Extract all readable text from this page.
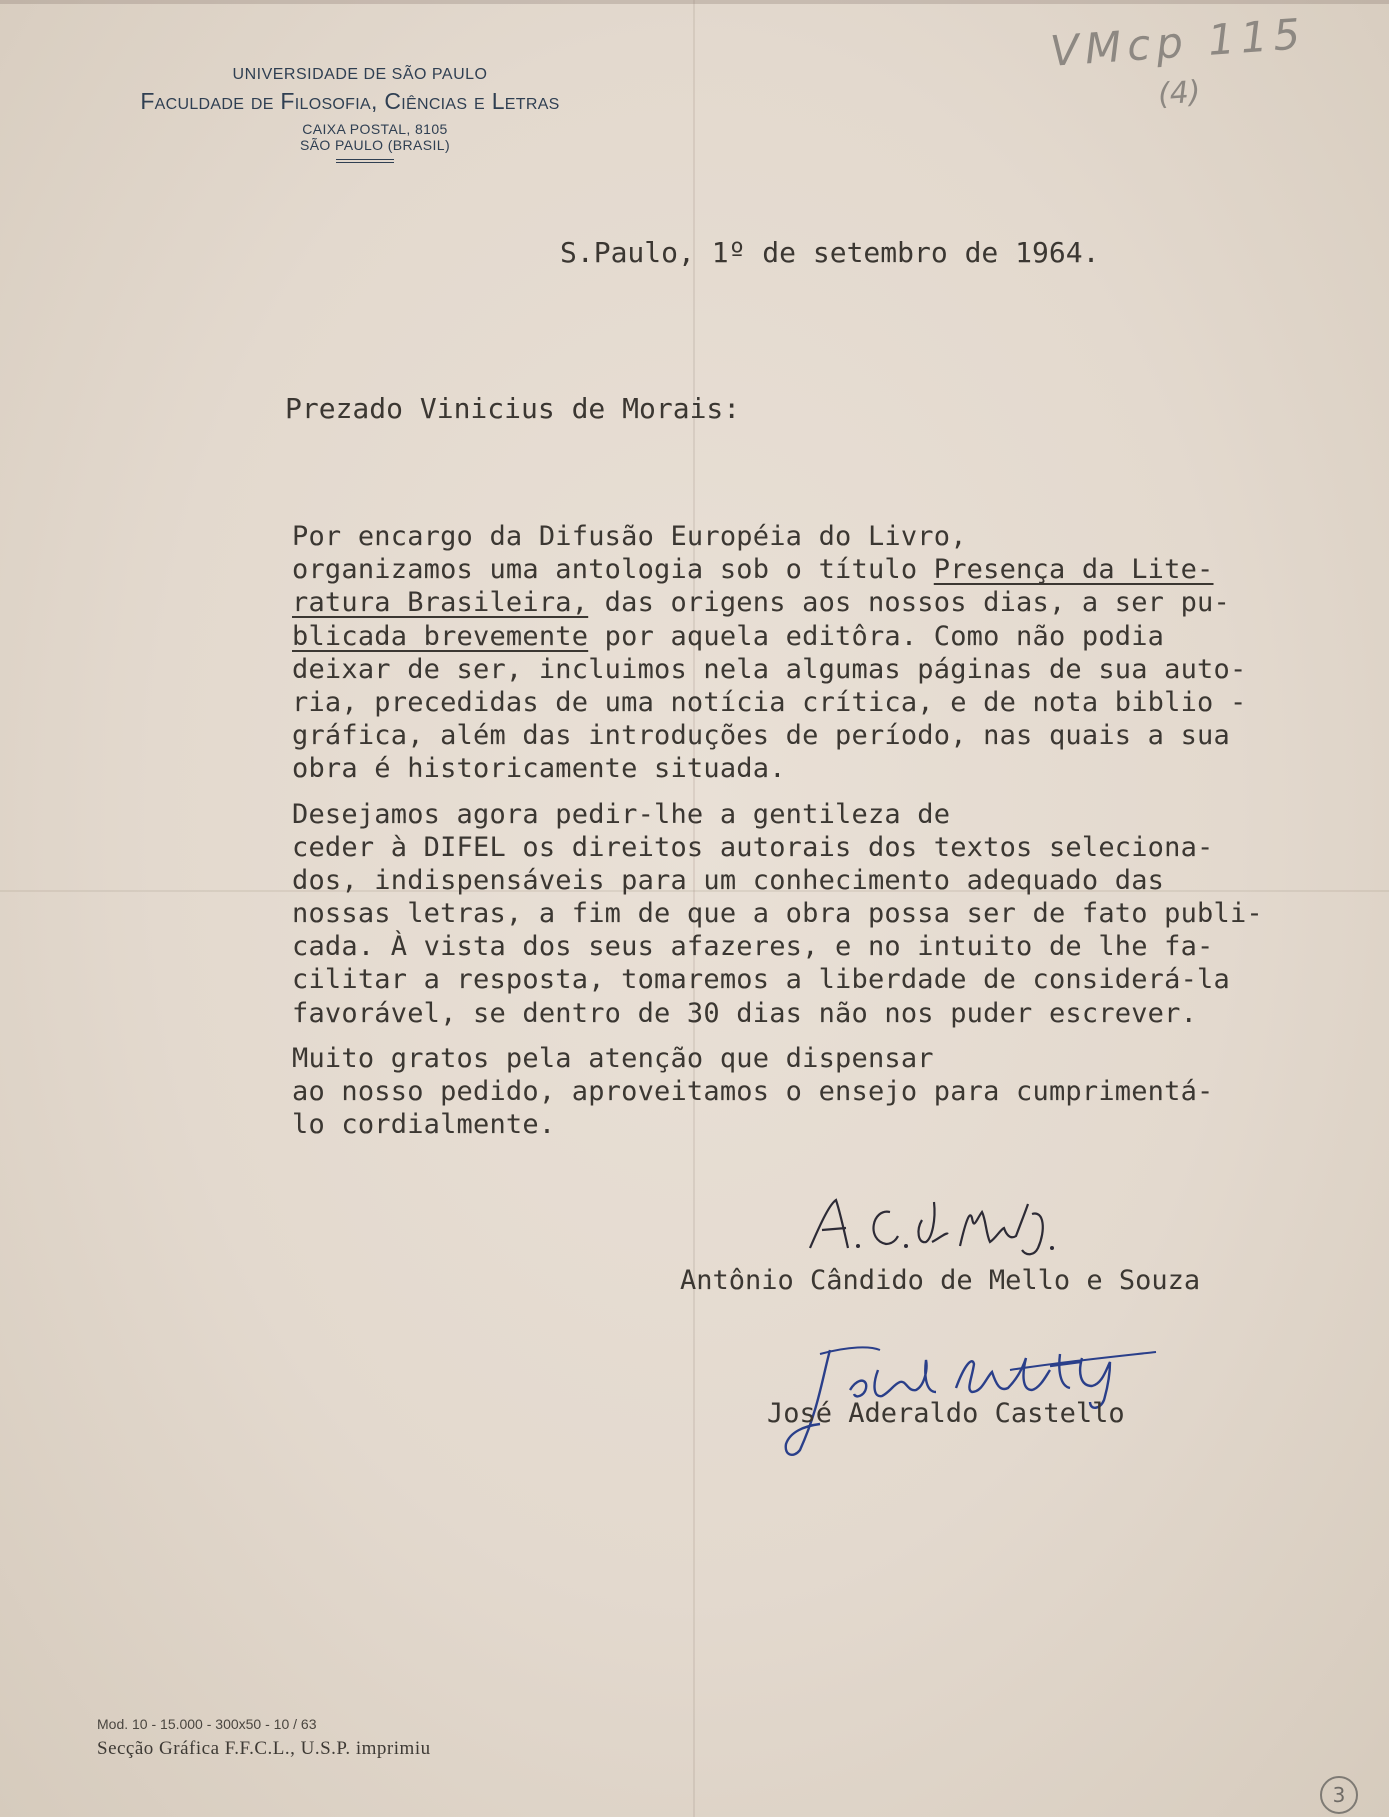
UNIVERSIDADE DE SÃO PAULO
Faculdade de Filosofia, Ciências e Letras
CAIXA POSTAL, 8105
SÃO PAULO (BRASIL)
VMcp 115
(4)
S.Paulo, 1º de setembro de 1964.
Prezado Vinicius de Morais:
Por encargo da Difusão Européia do Livro,
organizamos uma antologia sob o título Presença da Lite-
ratura Brasileira, das origens aos nossos dias, a ser pu-
blicada brevemente por aquela editôra. Como não podia
deixar de ser, incluimos nela algumas páginas de sua auto-
ria, precedidas de uma notícia crítica, e de nota biblio -
gráfica, além das introduções de período, nas quais a sua
obra é historicamente situada.
Desejamos agora pedir-lhe a gentileza de
ceder à DIFEL os direitos autorais dos textos seleciona-
dos, indispensáveis para um conhecimento adequado das
nossas letras, a fim de que a obra possa ser de fato publi-
cada. À vista dos seus afazeres, e no intuito de lhe fa-
cilitar a resposta, tomaremos a liberdade de considerá-la
favorável, se dentro de 30 dias não nos puder escrever.
Muito gratos pela atenção que dispensar
ao nosso pedido, aproveitamos o ensejo para cumprimentá-
lo cordialmente.
Antônio Cândido de Mello e Souza
José Aderaldo Castello
Mod. 10 - 15.000 - 300x50 - 10 / 63
Secção Gráfica F.F.C.L., U.S.P. imprimiu
3
